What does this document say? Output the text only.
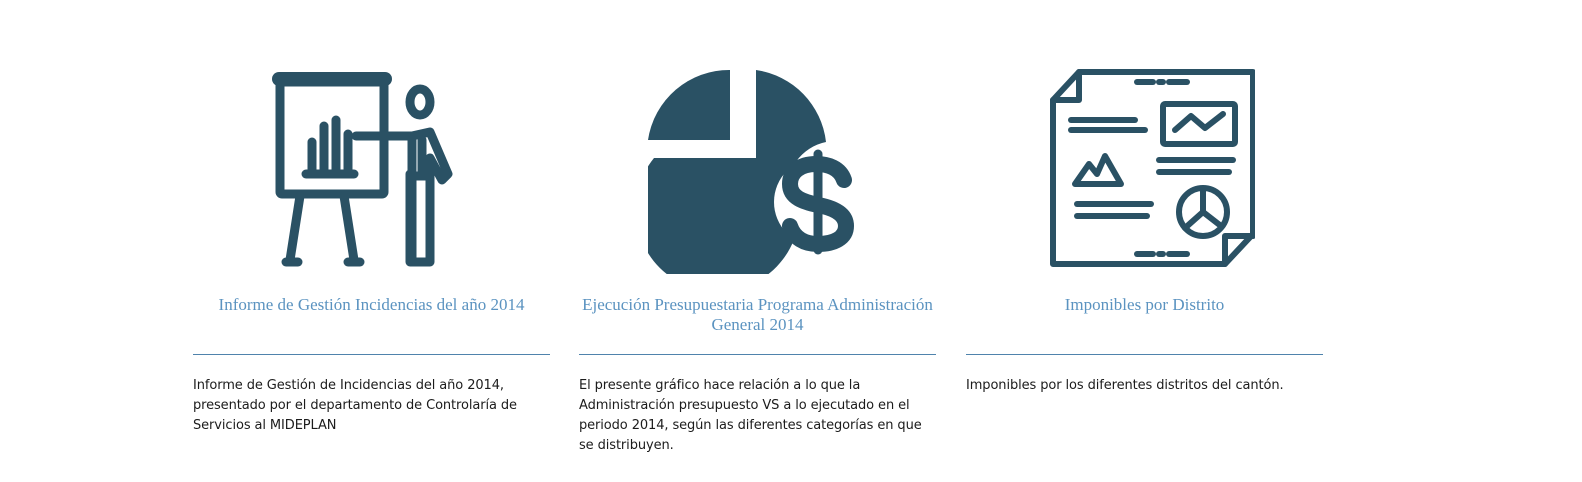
Informe de Gestión Incidencias del año 2014

Informe de Gestión de Incidencias del año 2014, presentado por el departamento de Controlaría de Servicios al MIDEPLAN

Ejecución Presupuestaria Programa Administración General 2014

El presente gráfico hace relación a lo que la Administración presupuesto VS a lo ejecutado en el periodo 2014, según las diferentes categorías en que se distribuyen.

Imponibles por Distrito

Imponibles por los diferentes distritos del cantón.
